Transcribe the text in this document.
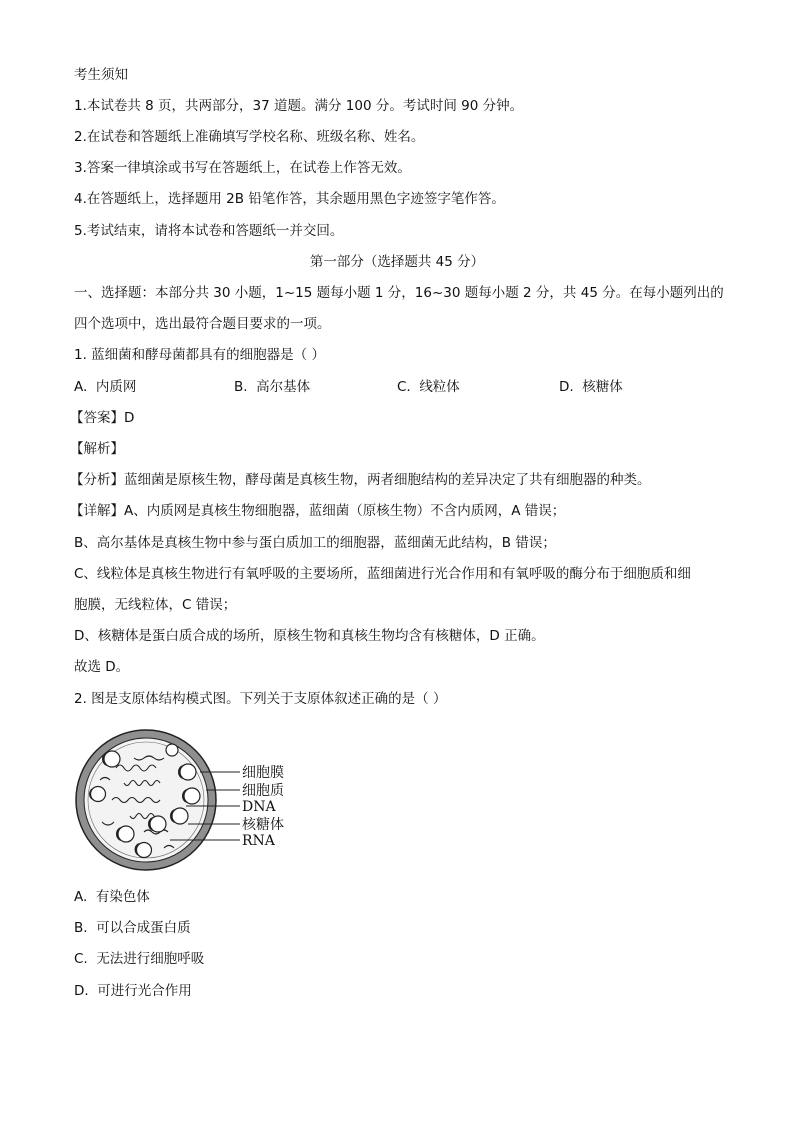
考生须知
1.本试卷共 8 页，共两部分，37 道题。满分 100 分。考试时间 90 分钟。
2.在试卷和答题纸上准确填写学校名称、班级名称、姓名。
3.答案一律填涂或书写在答题纸上，在试卷上作答无效。
4.在答题纸上，选择题用 2B 铅笔作答，其余题用黑色字迹签字笔作答。
5.考试结束，请将本试卷和答题纸一并交回。
第一部分（选择题共 45 分）
一、选择题：本部分共 30 小题，1~15 题每小题 1 分，16~30 题每小题 2 分，共 45 分。在每小题列出的
四个选项中，选出最符合题目要求的一项。
1. 蓝细菌和酵母菌都具有的细胞器是（ ）
A. 内质网	B. 高尔基体	C. 线粒体	D. 核糖体
【答案】D
【解析】
【分析】蓝细菌是原核生物，酵母菌是真核生物，两者细胞结构的差异决定了共有细胞器的种类。
【详解】A、内质网是真核生物细胞器，蓝细菌（原核生物）不含内质网，A 错误；
B、高尔基体是真核生物中参与蛋白质加工的细胞器，蓝细菌无此结构，B 错误；
C、线粒体是真核生物进行有氧呼吸的主要场所，蓝细菌进行光合作用和有氧呼吸的酶分布于细胞质和细
胞膜，无线粒体，C 错误；
D、核糖体是蛋白质合成的场所，原核生物和真核生物均含有核糖体，D 正确。
故选 D。
2. 图是支原体结构模式图。下列关于支原体叙述正确的是（ ）
细胞膜
细胞质
DNA
核糖体
RNA
A. 有染色体
B. 可以合成蛋白质
C. 无法进行细胞呼吸
D. 可进行光合作用
